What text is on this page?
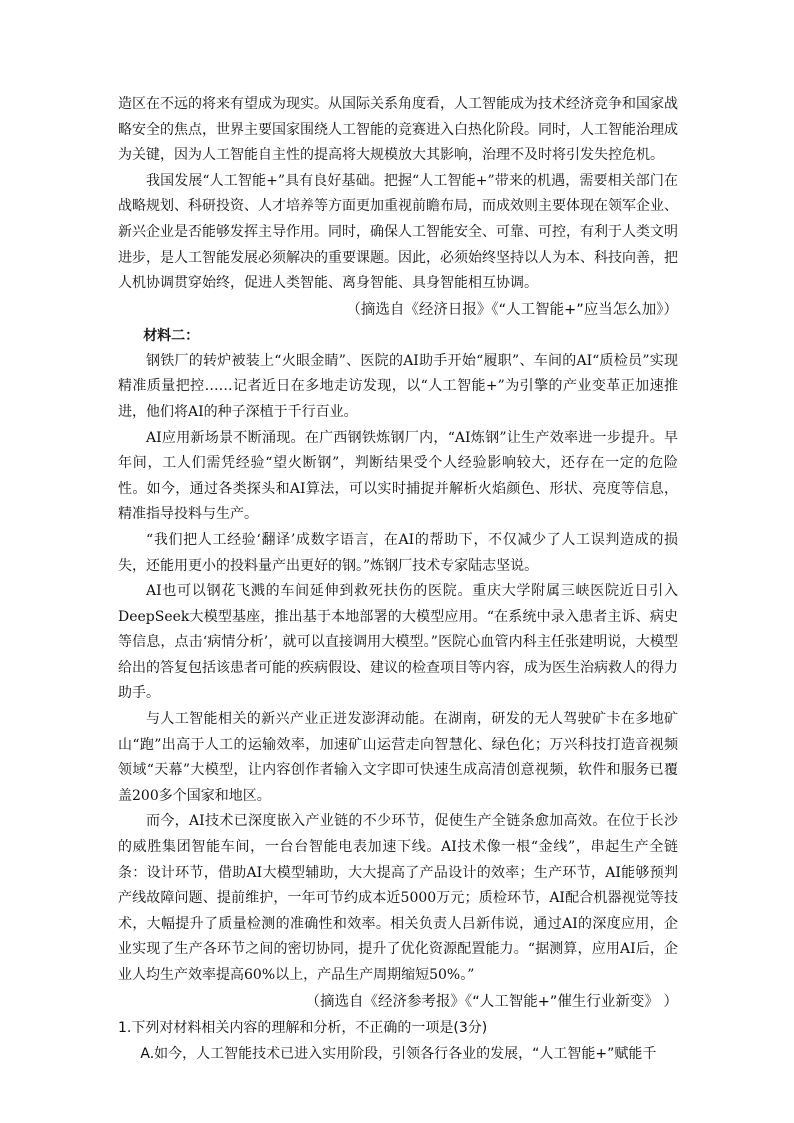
造区在不远的将来有望成为现实。从国际关系角度看，人工智能成为技术经济竞争和国家战略安全的焦点，世界主要国家围绕人工智能的竞赛进入白热化阶段。同时，人工智能治理成为关键，因为人工智能自主性的提高将大规模放大其影响，治理不及时将引发失控危机。

我国发展“人工智能+”具有良好基础。把握“人工智能+”带来的机遇，需要相关部门在战略规划、科研投资、人才培养等方面更加重视前瞻布局，而成效则主要体现在领军企业、新兴企业是否能够发挥主导作用。同时，确保人工智能安全、可靠、可控，有利于人类文明进步，是人工智能发展必须解决的重要课题。因此，必须始终坚持以人为本、科技向善，把人机协调贯穿始终，促进人类智能、离身智能、具身智能相互协调。

（摘选自《经济日报》《“人工智能+”应当怎么加》）

材料二：

钢铁厂的转炉被装上“火眼金睛”、医院的AI助手开始“履职”、车间的AI“质检员”实现精准质量把控……记者近日在多地走访发现，以“人工智能+”为引擎的产业变革正加速推进，他们将AI的种子深植于千行百业。

AI应用新场景不断涌现。在广西钢铁炼钢厂内，“AI炼钢”让生产效率进一步提升。早年间，工人们需凭经验“望火断钢”，判断结果受个人经验影响较大，还存在一定的危险性。如今，通过各类探头和AI算法，可以实时捕捉并解析火焰颜色、形状、亮度等信息，精准指导投料与生产。

“我们把人工经验‘翻译’成数字语言，在AI的帮助下，不仅减少了人工误判造成的损失，还能用更小的投料量产出更好的钢。”炼钢厂技术专家陆志坚说。

AI也可以钢花飞溅的车间延伸到救死扶伤的医院。重庆大学附属三峡医院近日引入DeepSeek大模型基座，推出基于本地部署的大模型应用。“在系统中录入患者主诉、病史等信息，点击‘病情分析’，就可以直接调用大模型。”医院心血管内科主任张建明说，大模型给出的答复包括该患者可能的疾病假设、建议的检查项目等内容，成为医生治病救人的得力助手。

与人工智能相关的新兴产业正迸发澎湃动能。在湖南，研发的无人驾驶矿卡在多地矿山“跑”出高于人工的运输效率，加速矿山运营走向智慧化、绿色化；万兴科技打造音视频领域“天幕”大模型，让内容创作者输入文字即可快速生成高清创意视频，软件和服务已覆盖200多个国家和地区。

而今，AI技术已深度嵌入产业链的不少环节，促使生产全链条愈加高效。在位于长沙的威胜集团智能车间，一台台智能电表加速下线。AI技术像一根“金线”，串起生产全链条：设计环节，借助AI大模型辅助，大大提高了产品设计的效率；生产环节，AI能够预判产线故障问题、提前维护，一年可节约成本近5000万元；质检环节，AI配合机器视觉等技术，大幅提升了质量检测的准确性和效率。相关负责人吕新伟说，通过AI的深度应用，企业实现了生产各环节之间的密切协同，提升了优化资源配置能力。“据测算，应用AI后，企业人均生产效率提高60%以上，产品生产周期缩短50%。”

（摘选自《经济参考报》《“人工智能+”催生行业新变》 ）

1.下列对材料相关内容的理解和分析，不正确的一项是(3分)

A.如今，人工智能技术已进入实用阶段，引领各行各业的发展，“人工智能+”赋能千
